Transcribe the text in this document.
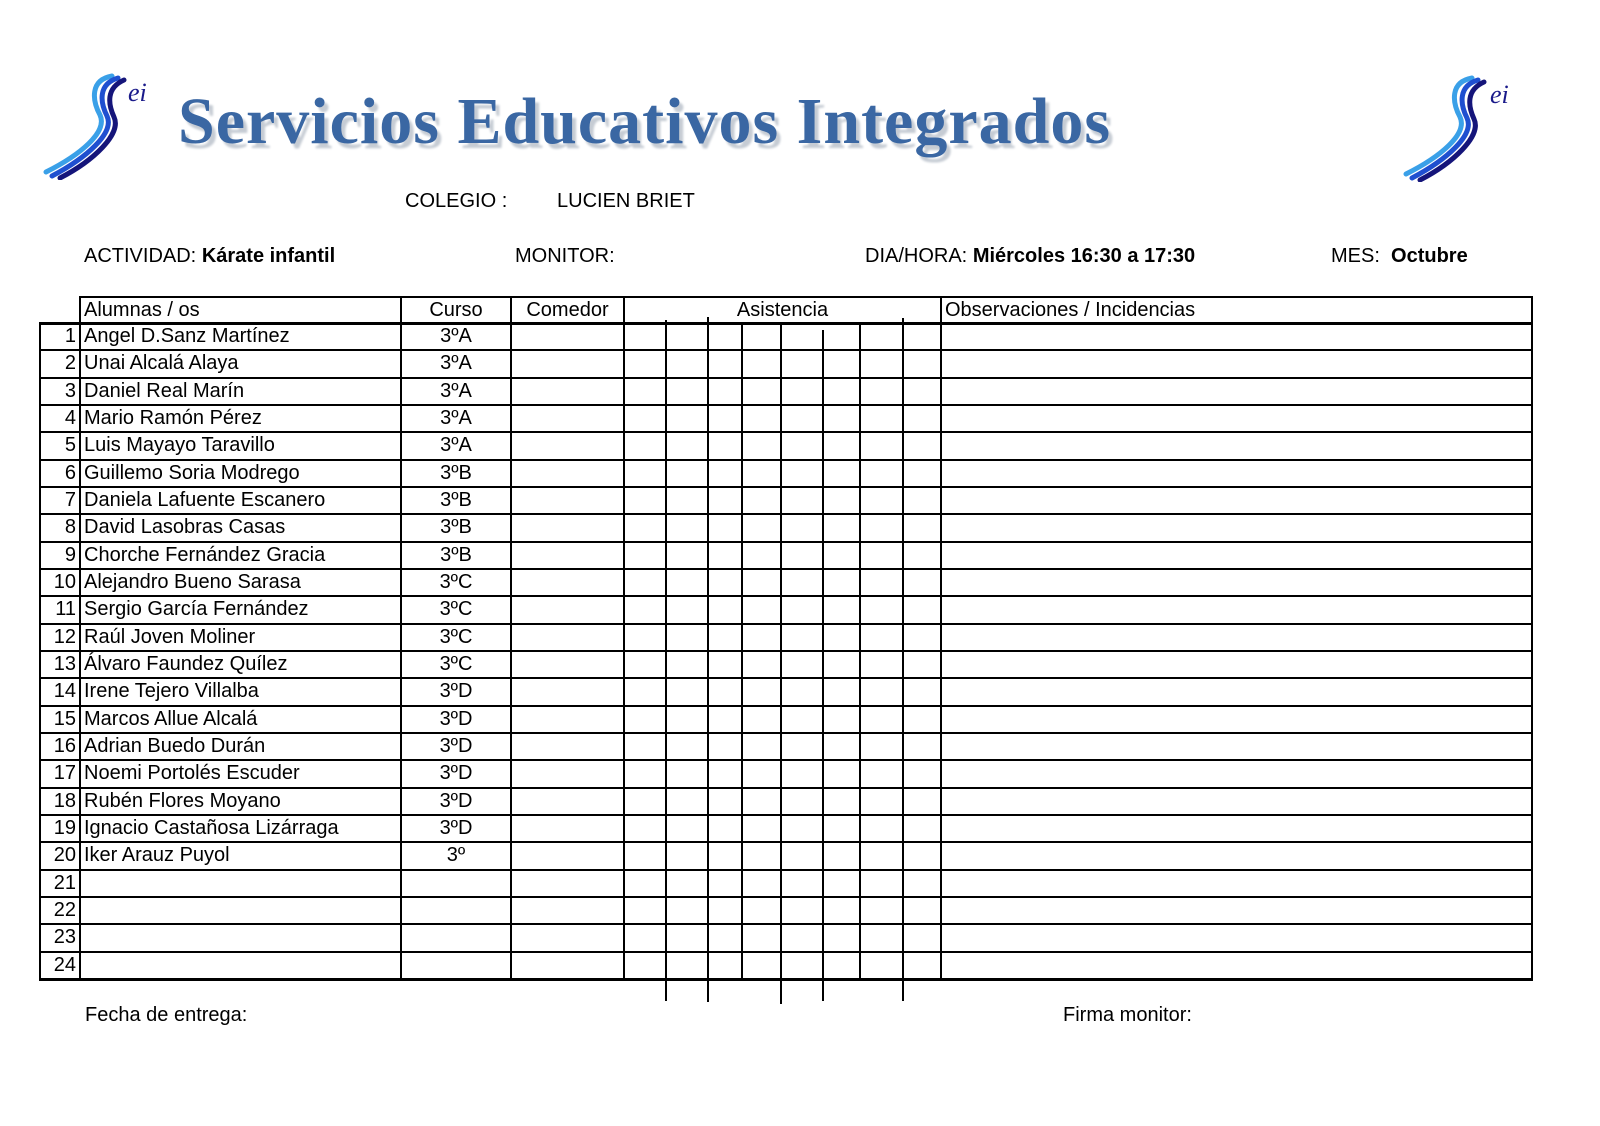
ei	ei
Servicios Educativos Integrados
COLEGIO : LUCIEN BRIET
ACTIVIDAD: Kárate infantil	MONITOR:	DIA/HORA: Miércoles 16:30 a 17:30	MES: Octubre
Alumnas / os	Curso	Comedor	Asistencia	Observaciones / Incidencias
1 Angel D.Sanz Martínez	3ºA
2 Unai Alcalá Alaya	3ºA
3 Daniel Real Marín	3ºA
4 Mario Ramón Pérez	3ºA
5 Luis Mayayo Taravillo	3ºA
6 Guillemo Soria Modrego	3ºB
7 Daniela Lafuente Escanero	3ºB
8 David Lasobras Casas	3ºB
9 Chorche Fernández Gracia	3ºB
10 Alejandro Bueno Sarasa	3ºC
11 Sergio García Fernández	3ºC
12 Raúl Joven Moliner	3ºC
13 Álvaro Faundez Quílez	3ºC
14 Irene Tejero Villalba	3ºD
15 Marcos Allue Alcalá	3ºD
16 Adrian Buedo Durán	3ºD
17 Noemi Portolés Escuder	3ºD
18 Rubén Flores Moyano	3ºD
19 Ignacio Castañosa Lizárraga	3ºD
20 Iker Arauz Puyol	3º
21
22
23
24
Fecha de entrega:	Firma monitor:
